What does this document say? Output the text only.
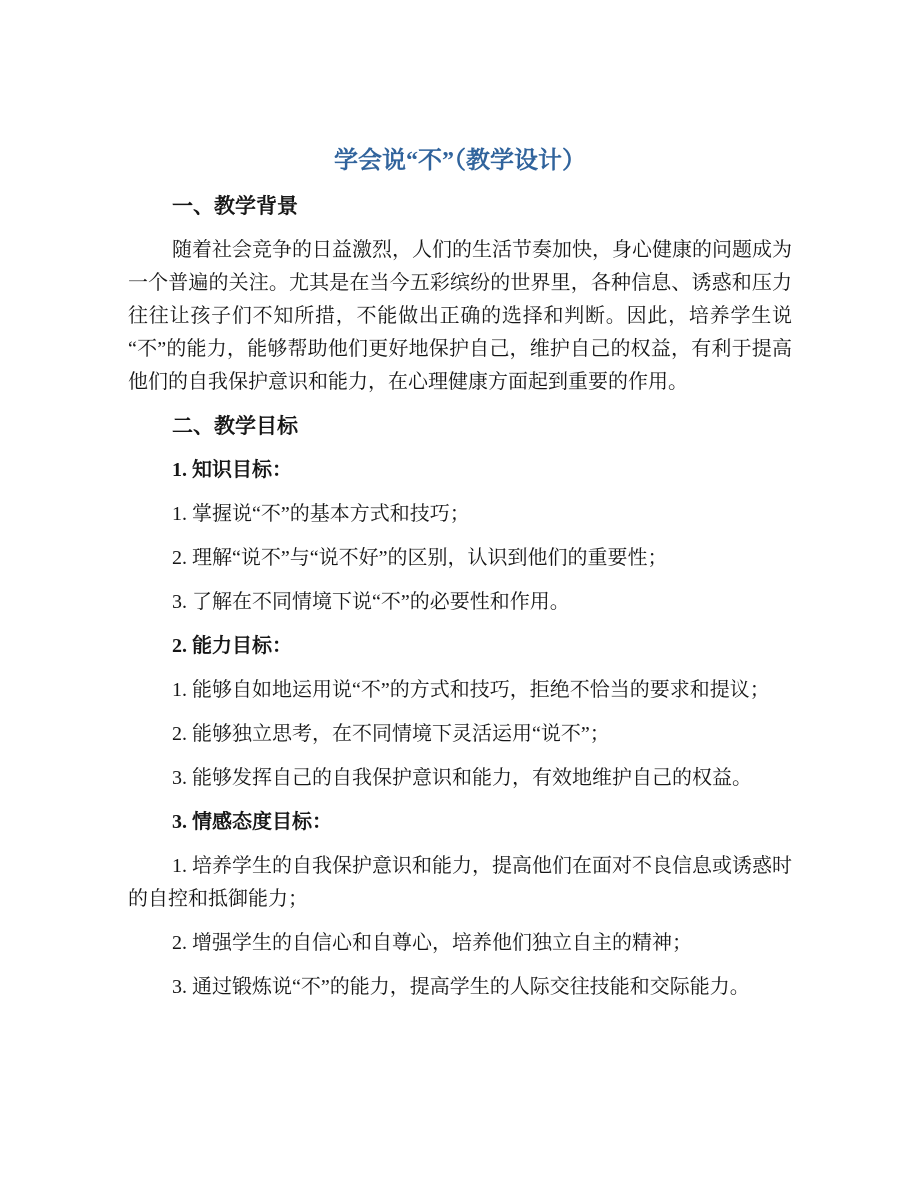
学会说“不”（教学设计）
一、教学背景

随着社会竞争的日益激烈，人们的生活节奏加快，身心健康的问题成为一个普遍的关注。尤其是在当今五彩缤纷的世界里，各种信息、诱惑和压力往往让孩子们不知所措，不能做出正确的选择和判断。因此，培养学生说“不”的能力，能够帮助他们更好地保护自己，维护自己的权益，有利于提高他们的自我保护意识和能力，在心理健康方面起到重要的作用。

二、教学目标
1. 知识目标：

1. 掌握说“不”的基本方式和技巧；

2. 理解“说不”与“说不好”的区别，认识到他们的重要性；

3. 了解在不同情境下说“不”的必要性和作用。

2. 能力目标：

1. 能够自如地运用说“不”的方式和技巧，拒绝不恰当的要求和提议；

2. 能够独立思考，在不同情境下灵活运用“说不”；

3. 能够发挥自己的自我保护意识和能力，有效地维护自己的权益。

3. 情感态度目标：

1. 培养学生的自我保护意识和能力，提高他们在面对不良信息或诱惑时的自控和抵御能力；

2. 增强学生的自信心和自尊心，培养他们独立自主的精神；

3. 通过锻炼说“不”的能力，提高学生的人际交往技能和交际能力。
